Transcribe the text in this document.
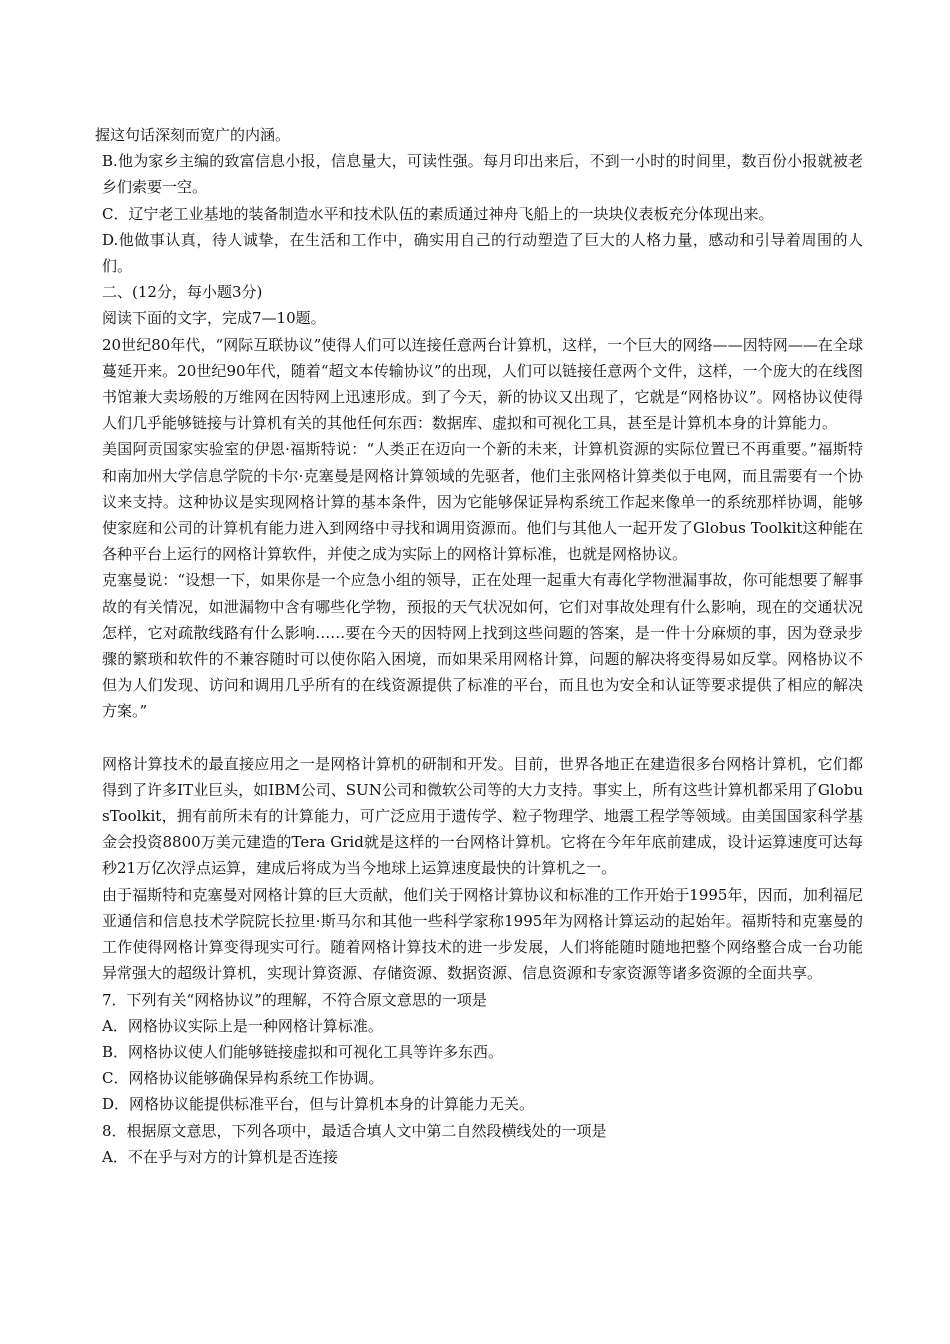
握这句话深刻而宽广的内涵。

B.他为家乡主编的致富信息小报，信息量大，可读性强。每月印出来后，不到一小时的时间里，数百份小报就被老乡们索要一空。

C．辽宁老工业基地的装备制造水平和技术队伍的素质通过神舟飞船上的一块块仪表板充分体现出来。

D.他做事认真，待人诚挚，在生活和工作中，确实用自己的行动塑造了巨大的人格力量，感动和引导着周围的人们。

二、(12分，每小题3分)

阅读下面的文字，完成7—10题。

20世纪80年代，“网际互联协议”使得人们可以连接任意两台计算机，这样，一个巨大的网络——因特网——在全球蔓延开来。20世纪90年代，随着“超文本传输协议”的出现，人们可以链接任意两个文件，这样，一个庞大的在线图书馆兼大卖场般的万维网在因特网上迅速形成。到了今天，新的协议又出现了，它就是“网格协议”。网格协议使得人们几乎能够链接与计算机有关的其他任何东西：数据库、虚拟和可视化工具，甚至是计算机本身的计算能力。

美国阿贡国家实验室的伊恩·福斯特说：“人类正在迈向一个新的未来，计算机资源的实际位置已不再重要。”福斯特和南加州大学信息学院的卡尔·克塞曼是网格计算领域的先驱者，他们主张网格计算类似于电网，而且需要有一个协议来支持。这种协议是实现网格计算的基本条件，因为它能够保证异构系统工作起来像单一的系统那样协调，能够使家庭和公司的计算机有能力进入到网络中寻找和调用资源而。他们与其他人一起开发了Globus Toolkit这种能在各种平台上运行的网格计算软件，并使之成为实际上的网格计算标准，也就是网格协议。

克塞曼说：“设想一下，如果你是一个应急小组的领导，正在处理一起重大有毒化学物泄漏事故，你可能想要了解事故的有关情况，如泄漏物中含有哪些化学物，预报的天气状况如何，它们对事故处理有什么影响，现在的交通状况怎样，它对疏散线路有什么影响……要在今天的因特网上找到这些问题的答案，是一件十分麻烦的事，因为登录步骤的繁琐和软件的不兼容随时可以使你陷入困境，而如果采用网格计算，问题的解决将变得易如反掌。网格协议不但为人们发现、访问和调用几乎所有的在线资源提供了标准的平台，而且也为安全和认证等要求提供了相应的解决方案。”

网格计算技术的最直接应用之一是网格计算机的研制和开发。目前，世界各地正在建造很多台网格计算机，它们都得到了许多IT业巨头，如IBM公司、SUN公司和微软公司等的大力支持。事实上，所有这些计算机都采用了GlobusToolkit，拥有前所未有的计算能力，可广泛应用于遗传学、粒子物理学、地震工程学等领域。由美国国家科学基金会投资8800万美元建造的Tera Grid就是这样的一台网格计算机。它将在今年年底前建成，设计运算速度可达每秒21万亿次浮点运算，建成后将成为当今地球上运算速度最快的计算机之一。

由于福斯特和克塞曼对网格计算的巨大贡献，他们关于网格计算协议和标准的工作开始于1995年，因而，加利福尼亚通信和信息技术学院院长拉里·斯马尔和其他一些科学家称1995年为网格计算运动的起始年。福斯特和克塞曼的工作使得网格计算变得现实可行。随着网格计算技术的进一步发展，人们将能随时随地把整个网络整合成一台功能异常强大的超级计算机，实现计算资源、存储资源、数据资源、信息资源和专家资源等诸多资源的全面共享。

7．下列有关“网格协议”的理解，不符合原文意思的一项是

A．网格协议实际上是一种网格计算标准。

B．网格协议使人们能够链接虚拟和可视化工具等许多东西。

C．网格协议能够确保异构系统工作协调。

D．网格协议能提供标准平台，但与计算机本身的计算能力无关。

8．根据原文意思，下列各项中，最适合填人文中第二自然段横线处的一项是

A．不在乎与对方的计算机是否连接
